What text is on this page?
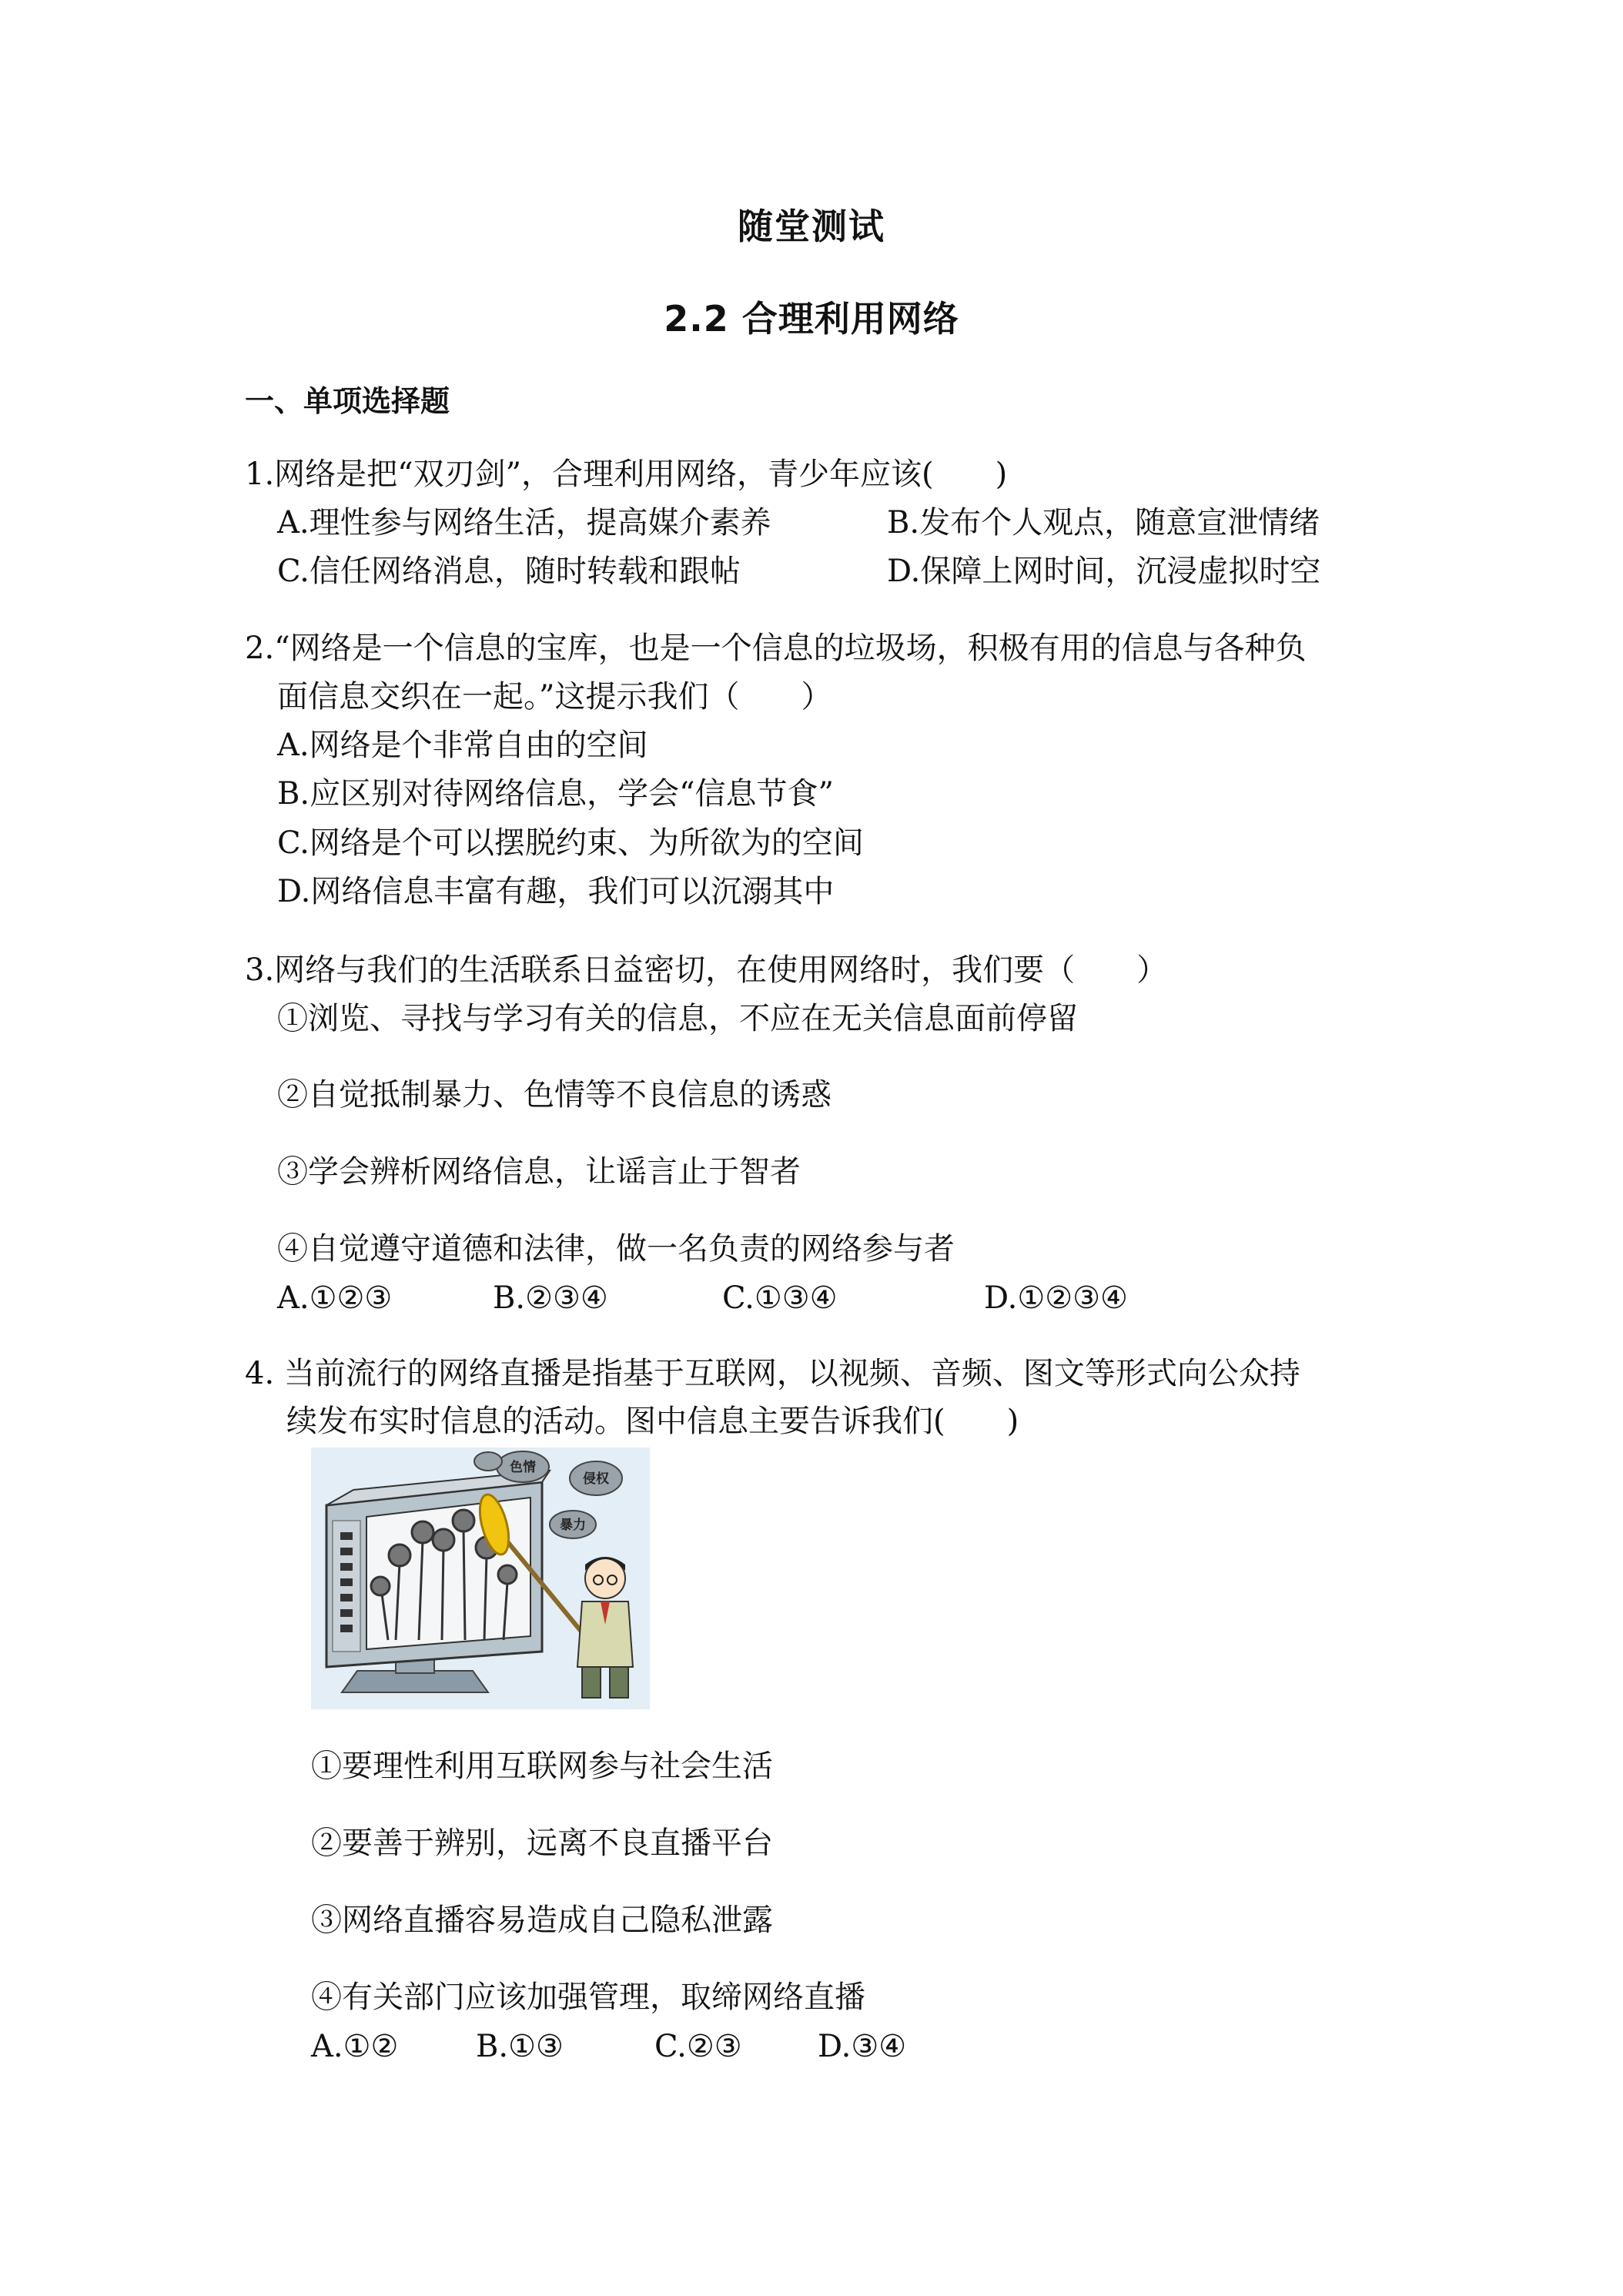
随堂测试
2.2 合理利用网络
一、单项选择题
1.网络是把“双刃剑”，合理利用网络，青少年应该(　　)
A.理性参与网络生活，提高媒介素养	B.发布个人观点，随意宣泄情绪
C.信任网络消息，随时转载和跟帖	D.保障上网时间，沉浸虚拟时空
2.“网络是一个信息的宝库，也是一个信息的垃圾场，积极有用的信息与各种负
面信息交织在一起。”这提示我们（　　）
A.网络是个非常自由的空间
B.应区别对待网络信息，学会“信息节食”
C.网络是个可以摆脱约束、为所欲为的空间
D.网络信息丰富有趣，我们可以沉溺其中
3.网络与我们的生活联系日益密切，在使用网络时，我们要（　　）
①浏览、寻找与学习有关的信息，不应在无关信息面前停留
②自觉抵制暴力、色情等不良信息的诱惑
③学会辨析网络信息，让谣言止于智者
④自觉遵守道德和法律，做一名负责的网络参与者
A.①②③	B.②③④	C.①③④	D.①②③④
4. 当前流行的网络直播是指基于互联网，以视频、音频、图文等形式向公众持
续发布实时信息的活动。图中信息主要告诉我们(　　)
色情
侵权
暴力
①要理性利用互联网参与社会生活
②要善于辨别，远离不良直播平台
③网络直播容易造成自己隐私泄露
④有关部门应该加强管理，取缔网络直播
A.①②	B.①③	C.②③ D.③④
